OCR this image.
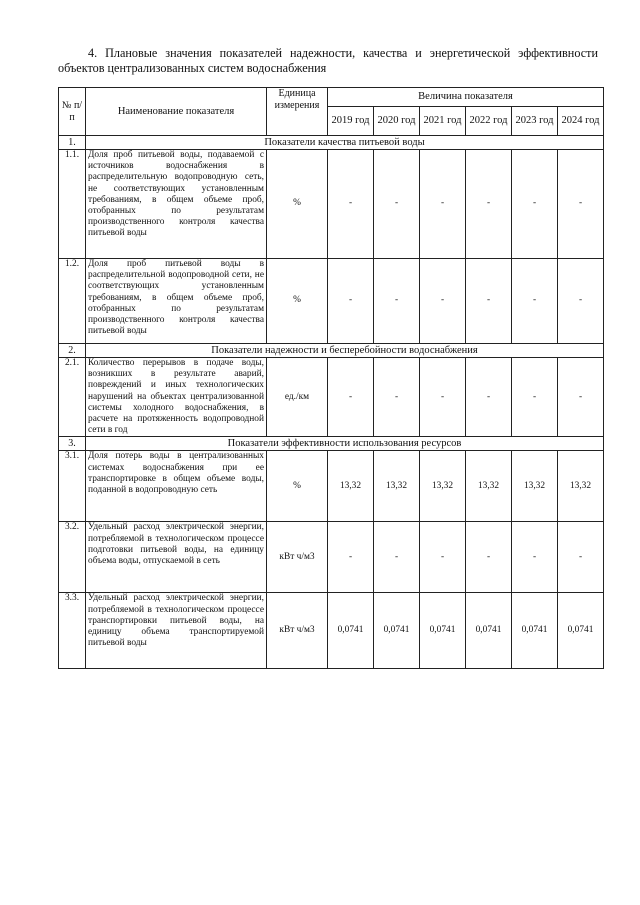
4. Плановые значения показателей надежности, качества и энергетической эффективности объектов централизованных систем водоснабжения
№ п/п	Наименование показателя	Единица измерения	Величина показателя					
			2019 год	2020 год	2021 год	2022 год	2023 год	2024 год
1.	Показатели качества питьевой воды							
1.1.	Доля проб питьевой воды, подаваемой с источников водоснабжения в распределительную водопроводную сеть, не соответствующих установленным требованиям, в общем объеме проб, отобранных по результатам производственного контроля качества питьевой воды	%	-	-	-	-	-	-
1.2.	Доля проб питьевой воды в распределительной водопроводной сети, не соответствующих установленным требованиям, в общем объеме проб, отобранных по результатам производственного контроля качества питьевой воды	%	-	-	-	-	-	-
2.	Показатели надежности и бесперебойности водоснабжения							
2.1.	Количество перерывов в подаче воды, возникших в результате аварий, повреждений и иных технологических нарушений на объектах централизованной системы холодного водоснабжения, в расчете на протяженность водопроводной сети в год	ед./км	-	-	-	-	-	-
3.	Показатели эффективности использования ресурсов							
3.1.	Доля потерь воды в централизованных системах водоснабжения при ее транспортировке в общем объеме воды, поданной в водопроводную сеть	%	13,32	13,32	13,32	13,32	13,32	13,32
3.2.	Удельный расход электрической энергии, потребляемой в технологическом процессе подготовки питьевой воды, на единицу объема воды, отпускаемой в сеть	кВт ч/м3	-	-	-	-	-	-
3.3.	Удельный расход электрической энергии, потребляемой в технологическом процессе транспортировки питьевой воды, на единицу объема транспортируемой питьевой воды	кВт ч/м3	0,0741	0,0741	0,0741	0,0741	0,0741	0,0741
